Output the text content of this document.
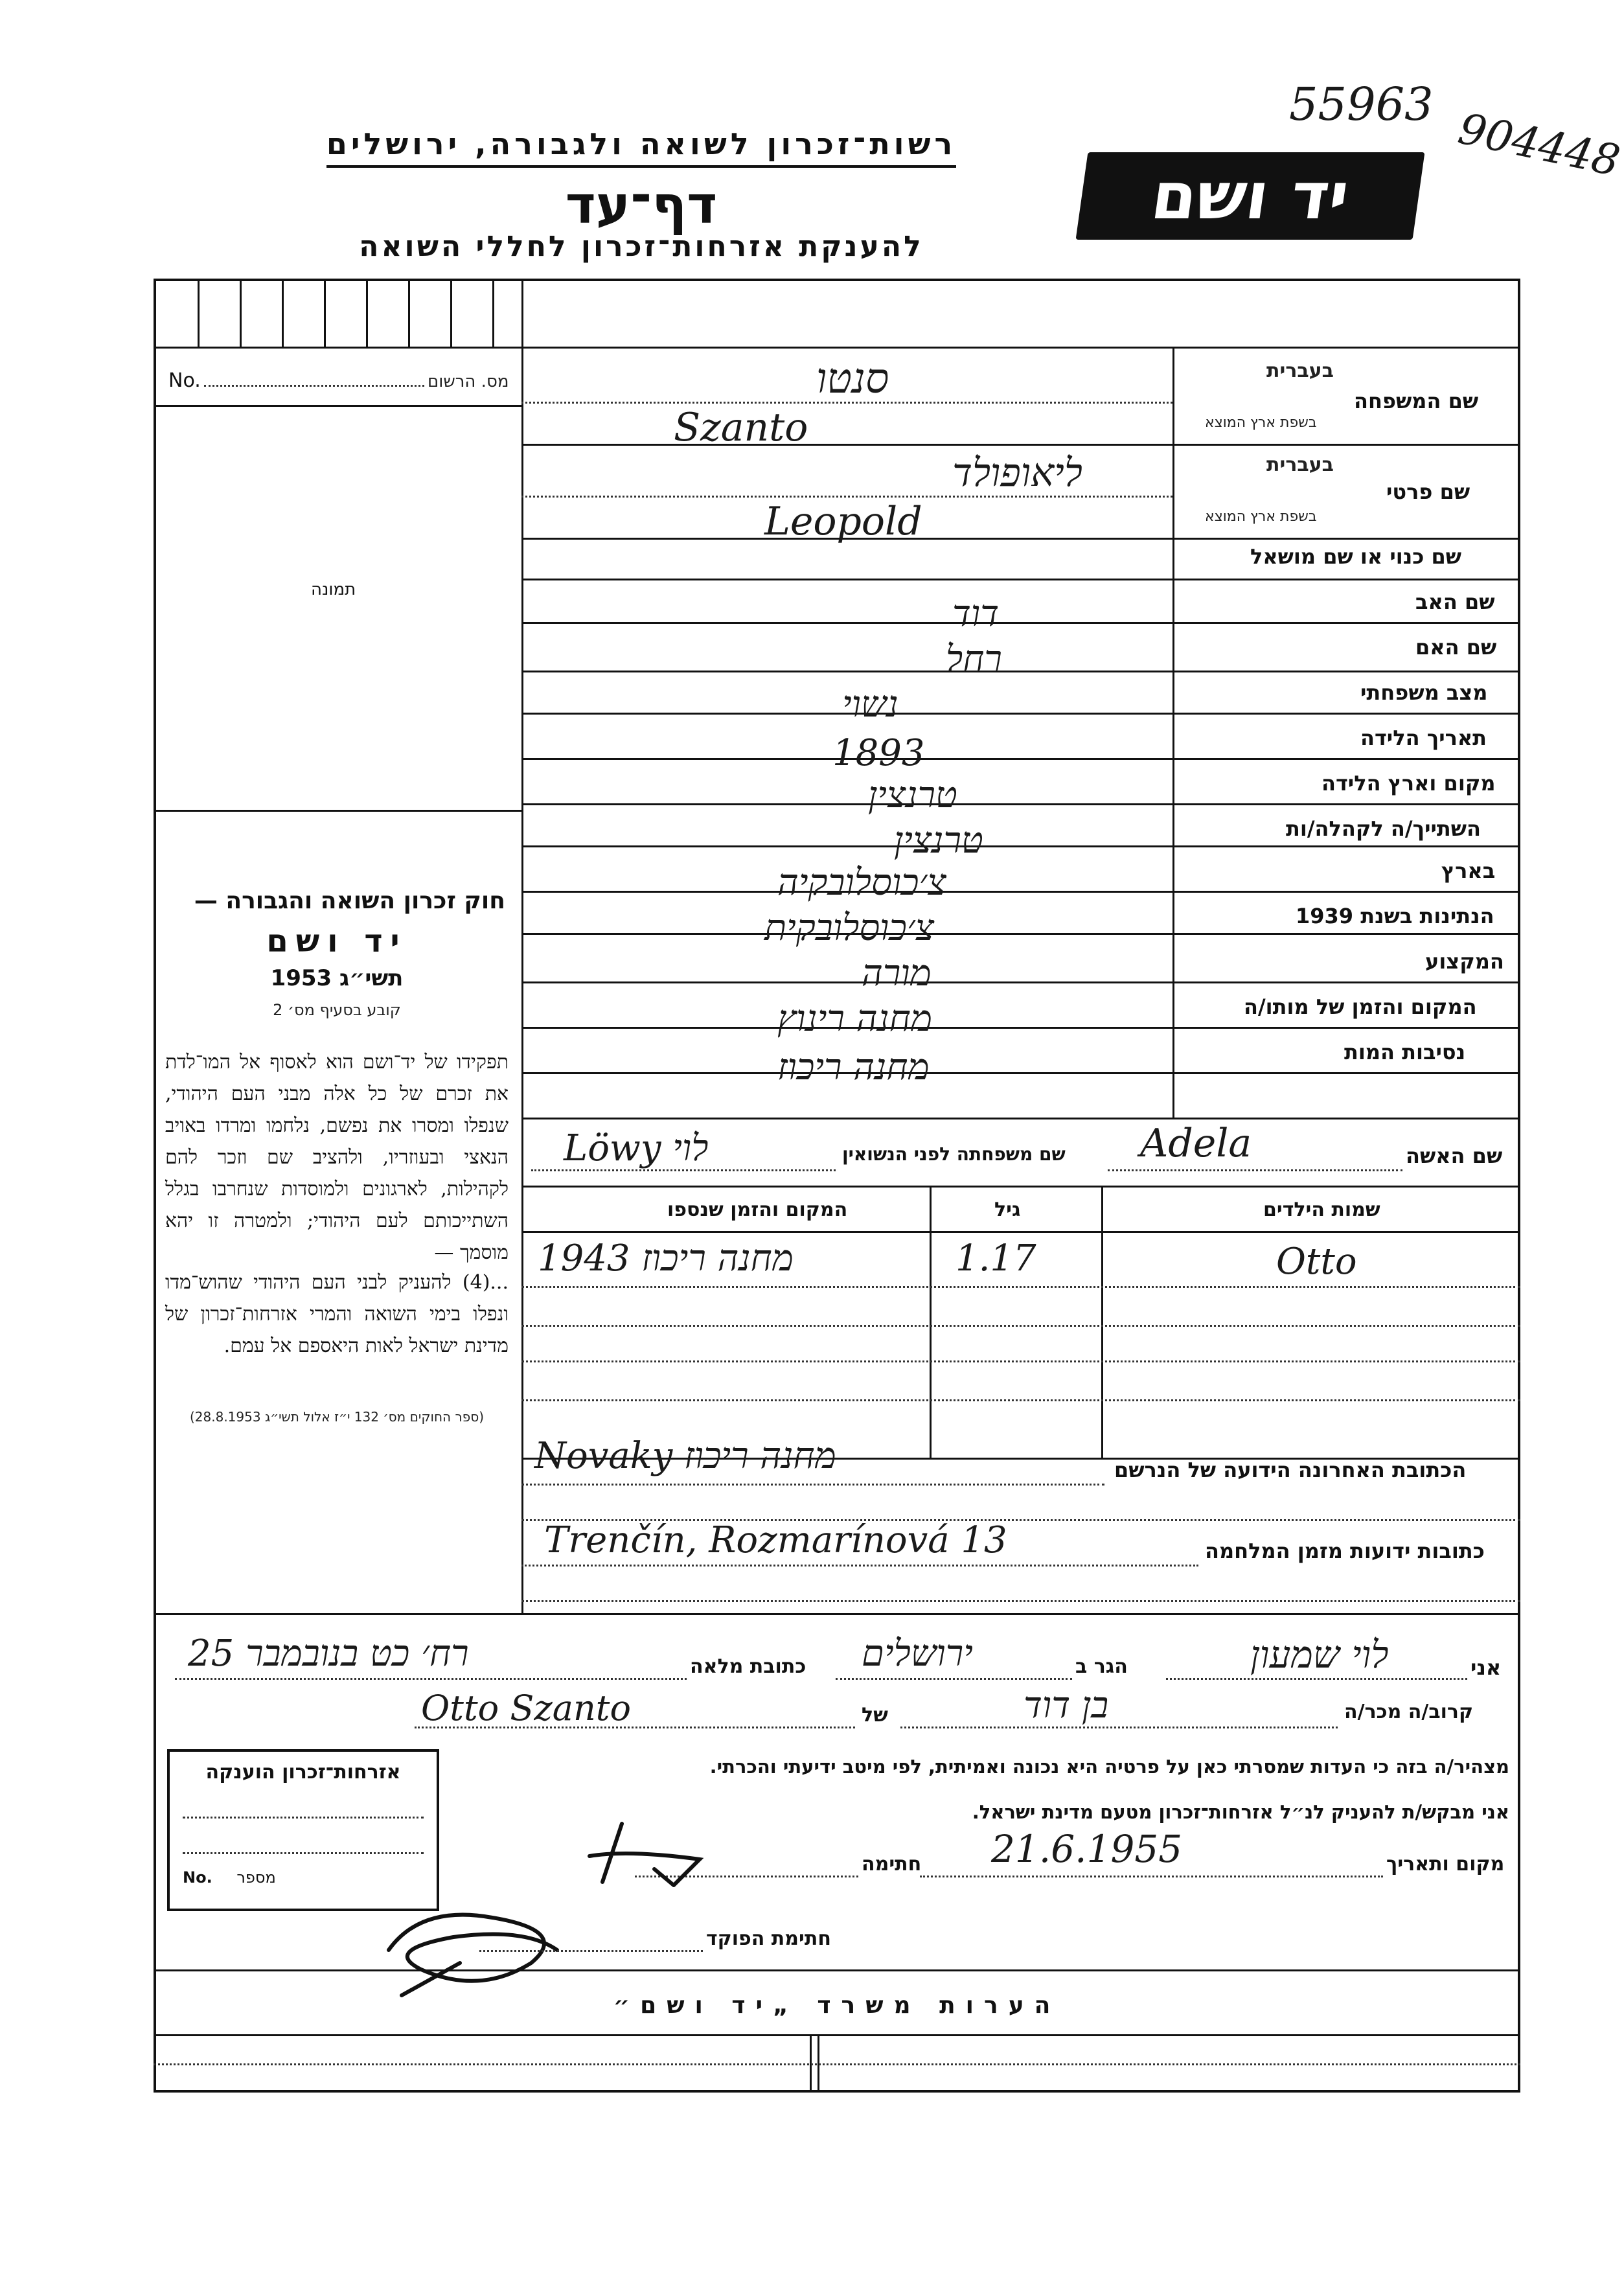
55963 904448
יד ושם
רשות־זכרון לשואה ולגבורה, ירושלים
דף־עד
להענקת אזרחות־זכרון לחללי השואה
No.	מס. הרשום
תמונה
חוק זכרון השואה והגבורה —
יד ושם
תשי״ג 1953
קובע בסעיף מס׳ 2
תפקידו של יד־ושם הוא לאסוף אל המו־לדת את זכרם של כל אלה מבני העם היהודי, שנפלו ומסרו את נפשם, נלחמו ומרדו באויב הנאצי ובעוזריו, ולהציב שם וזכר להם לקהילות, לארגונים ולמוסדות שנחרבו בגלל השתייכותם לעם היהודי; ולמטרה זו יהא מוסמך —
...(4) להעניק לבני העם היהודי שהוש־מדו ונפלו בימי השואה והמרי אזרחות־זכרון של מדינת ישראל לאות היאספם אל עמם.
(ספר החוקים מס׳ 132 י״ז אלול תשי״ג 28.8.1953)
שם המשפחה
בעברית
בשפת ארץ המוצא
סנטו
Szanto
שם פרטי
בעברית
בשפת ארץ המוצא
ליאופולד
Leopold
שם כנוי או שם מושאל
שם האב
דוד
שם האם
רחל
מצב משפחתי
נשוי
תאריך הלידה
1893
מקום וארץ הלידה
טרנצין
השתייך/ה לקהלה/ות
טרנצין
בארץ
צ׳כוסלובקיה
הנתינות בשנת 1939
צ׳כוסלובקית
המקצוע
מורה
המקום והזמן של מותו/ה
מחנה רינוץ
נסיבות המות
מחנה ריכוז
שם האשה
Adela
שם משפחתה לפני הנשואין
Löwy לוי
שמות הילדים
גיל
המקום והזמן שנספו
Otto
1.17
מחנה ריכוז 1943
הכתובת האחרונה הידועה של הנרשם
Novaky מחנה ריכוז
כתובות ידועות מזמן המלחמה
Trenčín, Rozmarínová 13
אני
לוי שמעון
הגר ב
ירושלים
כתובת מלאה
רח׳ כט בנובמבר 25
קרוב/ה מכר/ה
בן דוד
של
Otto Szanto
מצהיר/ה בזה כי העדות שמסרתי כאן על פרטיה היא נכונה ואמיתית, לפי מיטב ידיעתי והכרתי.
אני מבקש/ת להעניק לנ״ל אזרחות־זכרון מטעם מדינת ישראל.
מקום ותאריך
21.6.1955
חתימה
אזרחות־זכרון הוענקה
No. מספר
חתימת הפוקד
הערות משרד „יד ושם״
